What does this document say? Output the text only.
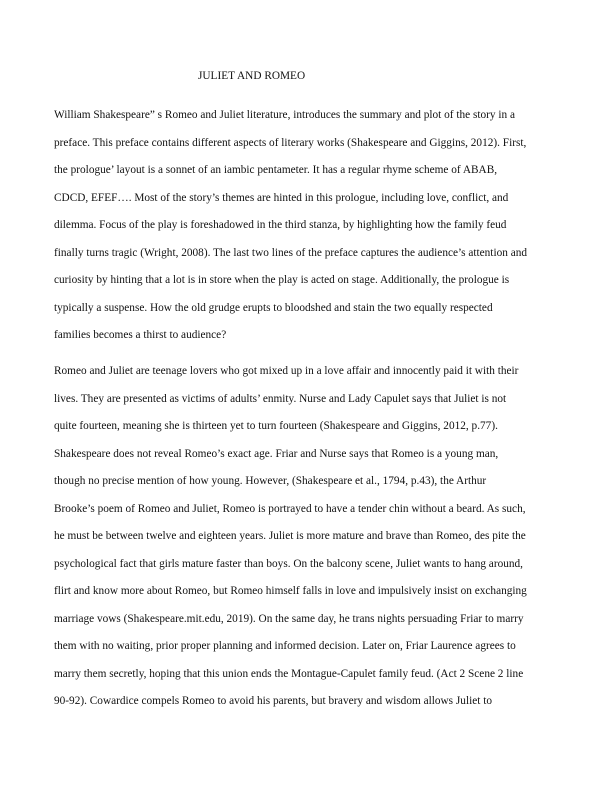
JULIET AND ROMEO
William Shakespeare” s Romeo and Juliet literature, introduces the summary and plot of the story in a
preface. This preface contains different aspects of literary works (Shakespeare and Giggins, 2012). First,
the prologue’ layout is a sonnet of an iambic pentameter. It has a regular rhyme scheme of ABAB,
CDCD, EFEF…. Most of the story’s themes are hinted in this prologue, including love, conflict, and
dilemma. Focus of the play is foreshadowed in the third stanza, by highlighting how the family feud
finally turns tragic (Wright, 2008). The last two lines of the preface captures the audience’s attention and
curiosity by hinting that a lot is in store when the play is acted on stage. Additionally, the prologue is
typically a suspense. How the old grudge erupts to bloodshed and stain the two equally respected
families becomes a thirst to audience?
Romeo and Juliet are teenage lovers who got mixed up in a love affair and innocently paid it with their
lives. They are presented as victims of adults’ enmity. Nurse and Lady Capulet says that Juliet is not
quite fourteen, meaning she is thirteen yet to turn fourteen (Shakespeare and Giggins, 2012, p.77).
Shakespeare does not reveal Romeo’s exact age. Friar and Nurse says that Romeo is a young man,
though no precise mention of how young. However, (Shakespeare et al., 1794, p.43), the Arthur
Brooke’s poem of Romeo and Juliet, Romeo is portrayed to have a tender chin without a beard. As such,
he must be between twelve and eighteen years. Juliet is more mature and brave than Romeo, des pite the
psychological fact that girls mature faster than boys. On the balcony scene, Juliet wants to hang around,
flirt and know more about Romeo, but Romeo himself falls in love and impulsively insist on exchanging
marriage vows (Shakespeare.mit.edu, 2019). On the same day, he trans nights persuading Friar to marry
them with no waiting, prior proper planning and informed decision. Later on, Friar Laurence agrees to
marry them secretly, hoping that this union ends the Montague-Capulet family feud. (Act 2 Scene 2 line
90-92). Cowardice compels Romeo to avoid his parents, but bravery and wisdom allows Juliet to
